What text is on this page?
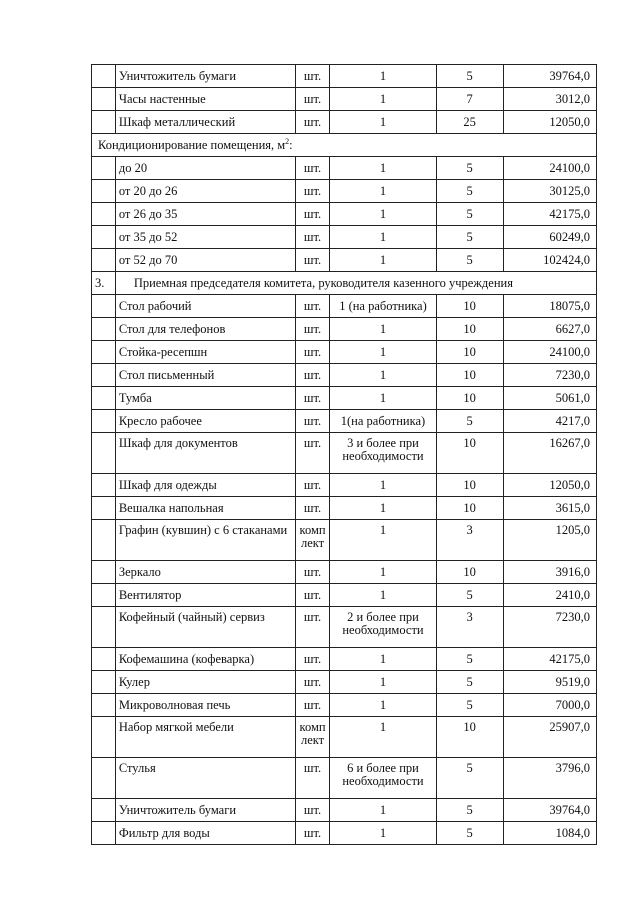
	Уничтожитель бумаги	шт.	1	5	39764,0
	Часы настенные	шт.	1	7	3012,0
	Шкаф металлический	шт.	1	25	12050,0
Кондиционирование помещения, $м^2$:					
	до 20	шт.	1	5	24100,0
	от 20 до 26	шт.	1	5	30125,0
	от 26 до 35	шт.	1	5	42175,0
	от 35 до 52	шт.	1	5	60249,0
	от 52 до 70	шт.	1	5	102424,0
3.	Приемная председателя комитета, руководителя казенного учреждения				
	Стол рабочий	шт.	1 (на работника)	10	18075,0
	Стол для телефонов	шт.	1	10	6627,0
	Стойка-ресепшн	шт.	1	10	24100,0
	Стол письменный	шт.	1	10	7230,0
	Тумба	шт.	1	10	5061,0
	Кресло рабочее	шт.	1(на работника)	5	4217,0
	Шкаф для документов	шт.	3 и более при необходимости	10	16267,0
	Шкаф для одежды	шт.	1	10	12050,0
	Вешалка напольная	шт.	1	10	3615,0
	Графин (кувшин) с 6 стаканами	комп лект	1	3	1205,0
	Зеркало	шт.	1	10	3916,0
	Вентилятор	шт.	1	5	2410,0
	Кофейный (чайный) сервиз	шт.	2 и более при необходимости	3	7230,0
	Кофемашина (кофеварка)	шт.	1	5	42175,0
	Кулер	шт.	1	5	9519,0
	Микроволновая печь	шт.	1	5	7000,0
	Набор мягкой мебели	комп лект	1	10	25907,0
	Стулья	шт.	6 и более при необходимости	5	3796,0
	Уничтожитель бумаги	шт.	1	5	39764,0
	Фильтр для воды	шт.	1	5	1084,0
